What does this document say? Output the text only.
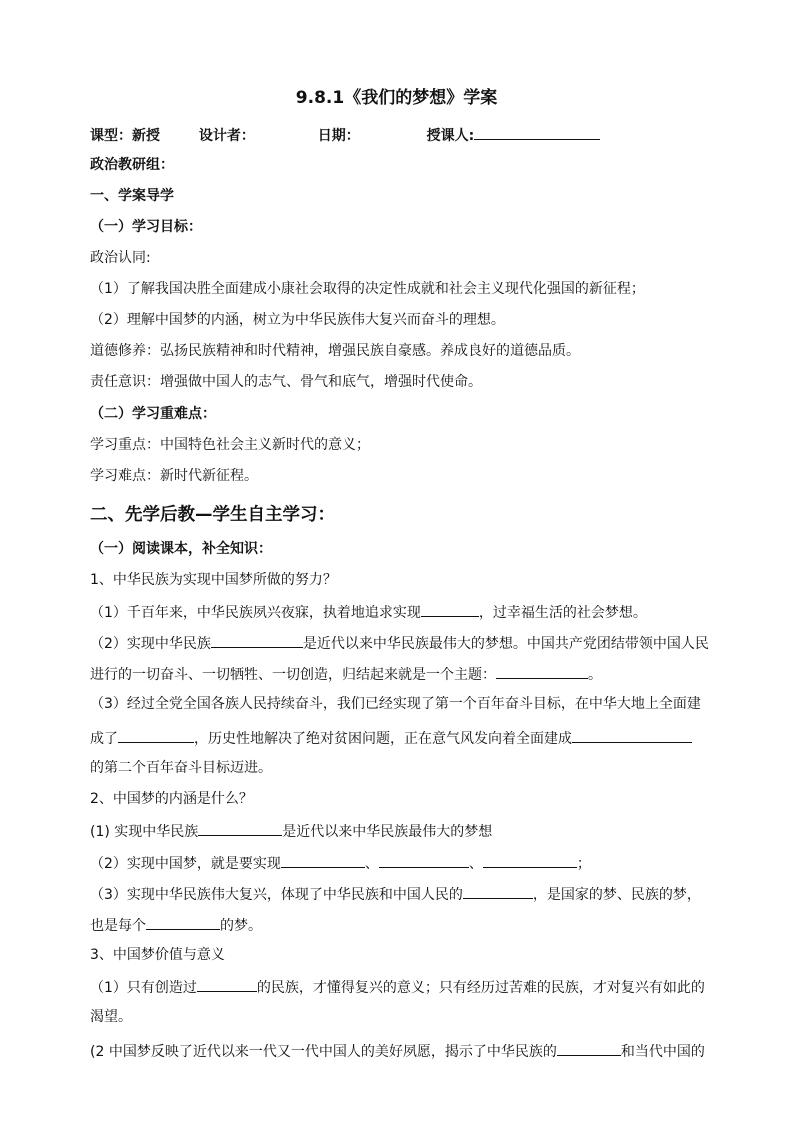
9.8.1《我们的梦想》学案
课型：新授	设计者：	日期：	授课人:
政治教研组：
一、学案导学
（一）学习目标：
政治认同:
（1）了解我国决胜全面建成小康社会取得的决定性成就和社会主义现代化强国的新征程；
（2）理解中国梦的内涵，树立为中华民族伟大复兴而奋斗的理想。
道德修养：弘扬民族精神和时代精神，增强民族自豪感。养成良好的道德品质。
责任意识：增强做中国人的志气、骨气和底气，增强时代使命。
（二）学习重难点：
学习重点：中国特色社会主义新时代的意义；
学习难点：新时代新征程。
二、先学后教—学生自主学习：
（一）阅读课本，补全知识：
1、中华民族为实现中国梦所做的努力？
（1）千百年来，中华民族夙兴夜寐，执着地追求实现	，过幸福生活的社会梦想。
（2）实现中华民族	是近代以来中华民族最伟大的梦想。中国共产党团结带领中国人民
进行的一切奋斗、一切牺牲、一切创造，归结起来就是一个主题：	。
（3）经过全党全国各族人民持续奋斗，我们已经实现了第一个百年奋斗目标，在中华大地上全面建
成了	，历史性地解决了绝对贫困问题，正在意气风发向着全面建成
的第二个百年奋斗目标迈进。
2、中国梦的内涵是什么？
(1) 实现中华民族	是近代以来中华民族最伟大的梦想
（2）实现中国梦，就是要实现	、	、	；
（3）实现中华民族伟大复兴，体现了中华民族和中国人民的	，是国家的梦、民族的梦，
也是每个	的梦。
3、中国梦价值与意义
（1）只有创造过	的民族，才懂得复兴的意义；只有经历过苦难的民族，才对复兴有如此的
渴望。
(2 中国梦反映了近代以来一代又一代中国人的美好夙愿，揭示了中华民族的	和当代中国的
